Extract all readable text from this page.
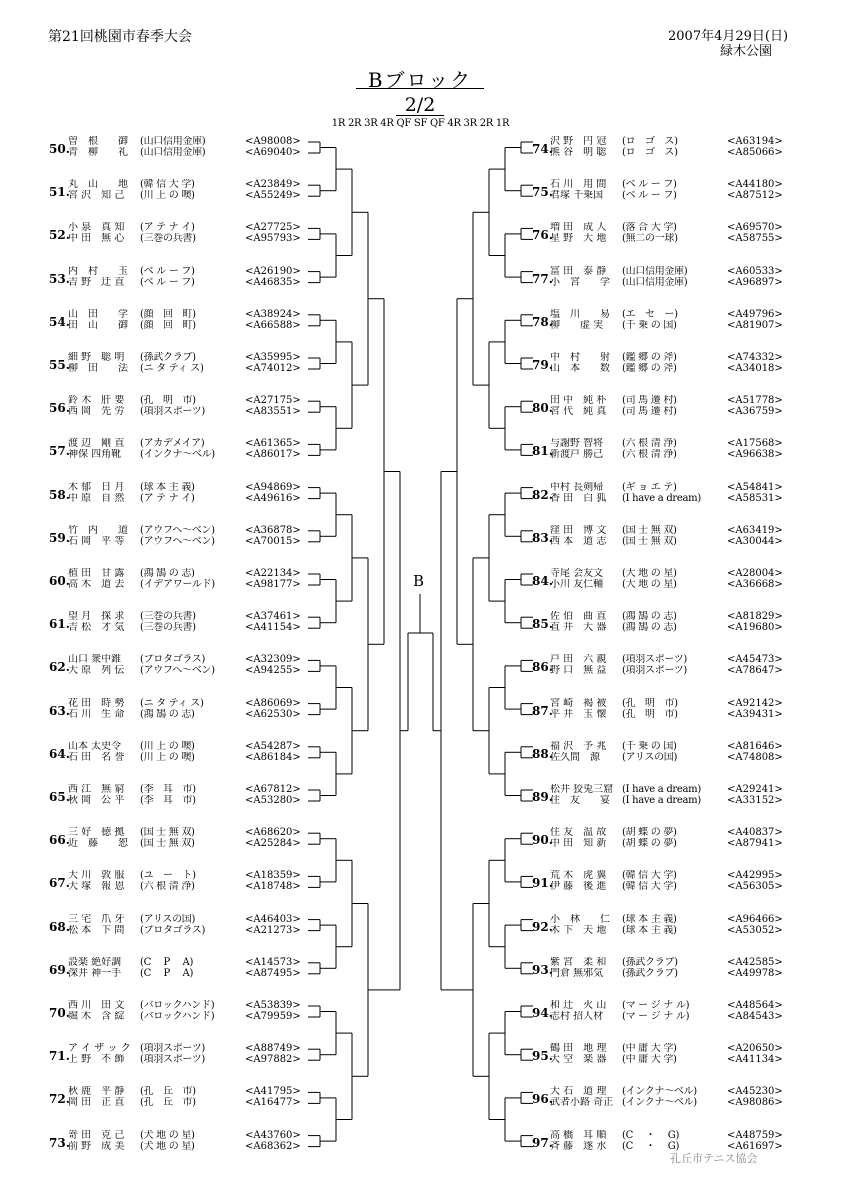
第21回桃園市春季大会	2007年4月29日(日)
緑木公園
Bブロック
2/2
1R 2R 3R 4R QF SF QF 4R 3R 2R 1R
B
孔丘市テニス協会
50.
曽　根　　御	(山口信用金庫)	<A98008>
青　柳　　礼	(山口信用金庫)	<A69040>
51.
丸　山　　地	(韓 信 大 学)	<A23849>
宮 沢　知 己	(川 上 の 噢)	<A55249>
52.
小 泉　真 知	(ア テ ナ イ)	<A27725>
中 田　無 心	(三巻の兵書)	<A95793>
53.
内　村　　玉	(ベ ル ー フ)	<A26190>
吉 野　迂 直	(ベ ル ー フ)	<A46835>
54.
山　田　　学	(顔　回　町)	<A38924>
田　山　　御	(顔　回　町)	<A66588>
55.
細 野　聡 明	(孫武クラブ)	<A35995>
柳　田　　法	(ニ タ ティ ス)	<A74012>
56.
鈴 木　肝 要	(孔　明　市)	<A27175>
西 岡　先 労	(項羽スポーツ)	<A83551>
57.
渡 辺　剛 直	(アカデメイア)	<A61365>
神保 四角靴	(インクナ〜ベル)	<A86017>
58.
木 郁　日 月	(球 本 主 義)	<A94869>
中 原　自 然	(ア テ ナ イ)	<A49616>
59.
竹　内　　道	(アウフヘ〜ベン)	<A36878>
石 岡　平 等	(アウフヘ〜ベン)	<A70015>
60.
植 田　甘 露	(鴻 鵠 の 志)	<A22134>
高 木　道 去	(イデアワールド)	<A98177>
61.
望 月　探 求	(三巻の兵書)	<A37461>
吉 松　才 気	(三巻の兵書)	<A41154>
62.
山口 衆中錐	(プロタゴラス)	<A32309>
大 原　列 伝	(アウフヘ〜ベン)	<A94255>
63.
花 田　時 勢	(ニ タ ティ ス)	<A86069>
石 川　生 命	(鴻 鵠 の 志)	<A62530>
64.
山本 太史令	(川 上 の 噢)	<A54287>
石 田　名 誉	(川 上 の 噢)	<A86184>
65.
西 江　無 窮	(李　耳　市)	<A67812>
秋 岡　公 平	(李　耳　市)	<A53280>
66.
三 好　徳 拠	(国 士 無 双)	<A68620>
近　藤　　恕	(国 士 無 双)	<A25284>
67.
大 川　敦 服	(ユ　ー　ト)	<A18359>
大 塚　報 恩	(六 根 清 浄)	<A18748>
68.
三 宅　爪 牙	(アリスの国)	<A46403>
松 本　下 問	(プロタゴラス)	<A21273>
69.
設楽 絶好調	(C　 P　 A)	<A14573>
深井 神一手	(C　 P　 A)	<A87495>
70.
西 川　田 文	(バロックハンド)	<A53839>
堀 木　含 綻	(バロックハンド)	<A79959>
71.
ア イ ザ ッ ク (項羽スポーツ)	<A88749>
上 野　不 飾	(項羽スポーツ)	<A97882>
72.
秋 鹿　平 静	(孔　丘　市)	<A41795>
岡 田　正 直	(孔　丘　市)	<A16477>
73.
嵜 田　克 己	(犬 地 の 星)	<A43760>
前 野　成 美	(犬 地 の 星)	<A68362>
74.
沢 野　円 冠	(ロ　ゴ　ス)	<A63194>
熊 谷　明 聡	(ロ　ゴ　ス)	<A85066>
75.
石 川　用 間	(ベ ル ー フ)	<A44180>
君塚 千乗国	(ベ ル ー フ)	<A87512>
76.
増 田　成 人	(落 合 大 学)	<A69570>
星 野　大 地	(無二の一球)	<A58755>
77.
冨 田　泰 静	(山口信用金庫)	<A60533>
小　宮　　学	(山口信用金庫)	<A96897>
78.
塩　川　　易	(エ　セ　ー)	<A49796>
柳　　虚 実	(千 乗 の 国)	<A81907>
79.
中　村　　射	(鑑 郷 の 斧)	<A74332>
山　本　　数	(鑑 郷 の 斧)	<A34018>
80.
田 中　純 朴	(司 馬 遷 村)	<A51778>
宮 代　純 真	(司 馬 遷 村)	<A36759>
81.
与謝野 智将	(六 根 清 浄)	<A17568>
新渡戸 勝己	(六 根 清 浄)	<A96638>
82.
中村 長剣帰	(ギ ョ エ テ)	<A54841>
香 田　白 狐	(I have a dream)	<A58531>
83.
窪 田　博 文	(国 士 無 双)	<A63419>
西 本　道 志	(国 士 無 双)	<A30044>
84.
寺尾 会友文	(大 地 の 星)	<A28004>
小川 友仁輔	(大 地 の 星)	<A36668>
85.
佐 伯　曲 直	(鴻 鵠 の 志)	<A81829>
直 井　大 器	(鴻 鵠 の 志)	<A19680>
86.
戸 田　六 親	(項羽スポーツ)	<A45473>
野 口　無 益	(項羽スポーツ)	<A78647>
87.
宮 崎　褐 被	(孔　明　市)	<A92142>
平 井　玉 懐	(孔　明　市)	<A39431>
88.
福 沢　予 兆	(千 乗 の 国)	<A81646>
佐久間　源	(アリスの国)	<A74808>
89.
松井 狡兎三窟 (I have a dream)	<A29241>
住　友　　宴	(I have a dream)	<A33152>
90.
住 友　温 故	(胡 蝶 の 夢)	<A40837>
中 田　知 新	(胡 蝶 の 夢)	<A87941>
91.
荒 木　虎 翼	(韓 信 大 学)	<A42995>
伊 藤　後 進	(韓 信 大 学)	<A56305>
92.
小　林　　仁	(球 本 主 義)	<A96466>
木 下　天 地	(球 本 主 義)	<A53052>
93.
紫 宮　柔 和	(孫武クラブ)	<A42585>
門倉 無邪気	(孫武クラブ)	<A49978>
94.
和 辻　火 山	(マ ー ジ ナ ル)	<A48564>
志村 招人材	(マ ー ジ ナ ル)	<A84543>
95.
鶴 田　地 理	(中 庸 大 学)	<A20650>
大 空　楽 器	(中 庸 大 学)	<A41134>
96.
大 石　道 理	(インクナ〜ベル)	<A45230>
武者小路 奇正 (インクナ〜ベル)	<A98086>
97.
高 橋　耳 順	(C　 ・　 G)	<A48759>
斉 藤　遂 水	(C　 ・　 G)	<A61697>
